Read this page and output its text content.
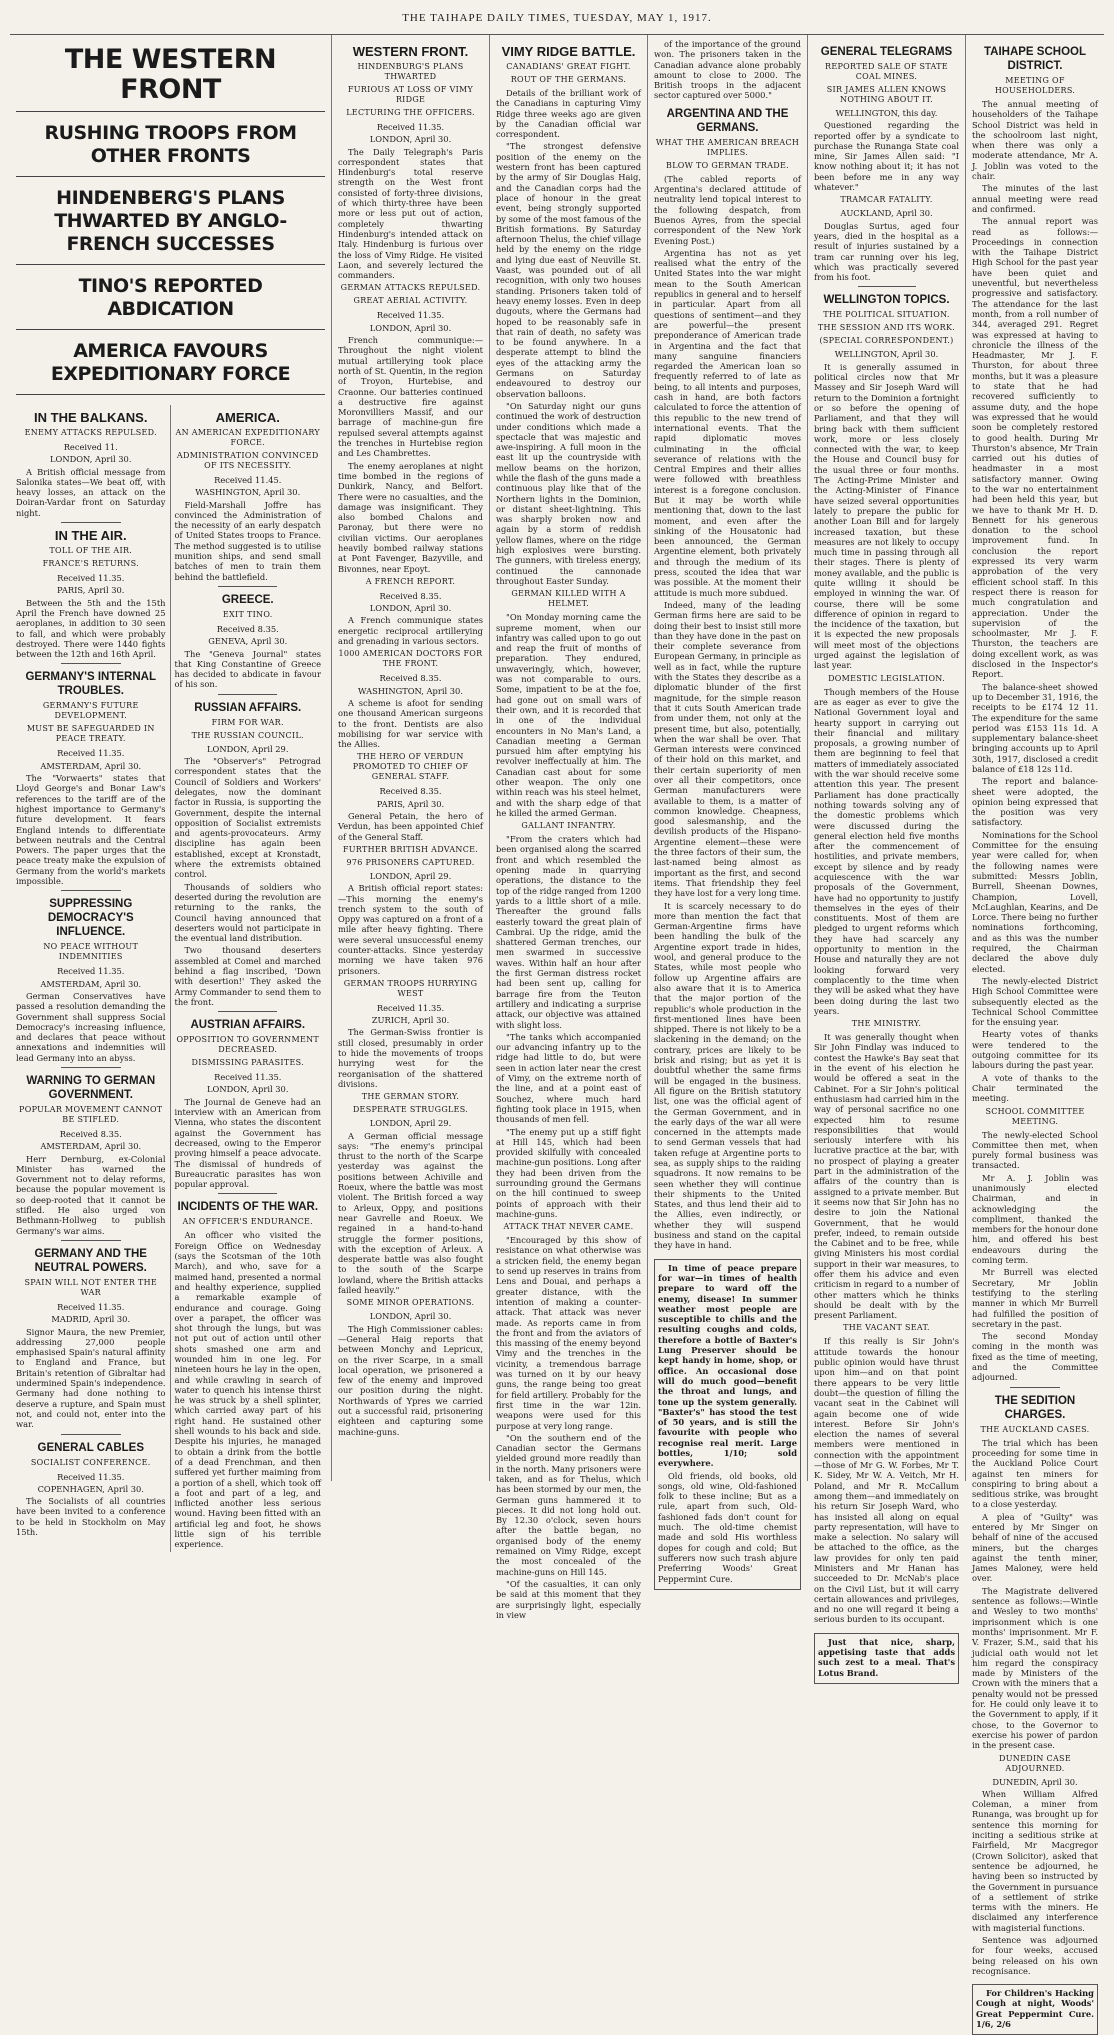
THE TAIHAPE DAILY TIMES, TUESDAY, MAY 1, 1917.
THE WESTERN FRONT
RUSHING TROOPS FROM OTHER FRONTS
HINDENBERG'S PLANS THWARTED BY ANGLO-FRENCH SUCCESSES
TINO'S REPORTED ABDICATION
AMERICA FAVOURS EXPEDITIONARY FORCE
IN THE BALKANS.
ENEMY ATTACKS REPULSED.
Received 11.
LONDON, April 30.

A British official message from Salonika states—We beat off, with heavy losses, an attack on the Doiran-Vardar front on Saturday night.

IN THE AIR.
TOLL OF THE AIR.
FRANCE'S RETURNS.
Received 11.35.
PARIS, April 30.

Between the 5th and the 15th April the French have downed 25 aeroplanes, in addition to 30 seen to fall, and which were probably destroyed. There were 1440 fights between the 12th and 16th April.

GERMANY'S INTERNAL TROUBLES.
GERMANY'S FUTURE DEVELOPMENT.
MUST BE SAFEGUARDED IN PEACE TREATY.
Received 11.35.
AMSTERDAM, April 30.

The "Vorwaerts" states that Lloyd George's and Bonar Law's references to the tariff are of the highest importance to Germany's future development. It fears England intends to differentiate between neutrals and the Central Powers. The paper urges that the peace treaty make the expulsion of Germany from the world's markets impossible.

SUPPRESSING DEMOCRACY'S INFLUENCE.
NO PEACE WITHOUT INDEMNITIES
Received 11.35.
AMSTERDAM, April 30.

German Conservatives have passed a resolution demanding the Government shall suppress Social Democracy's increasing influence, and declares that peace without annexations and indemnities will lead Germany into an abyss.

WARNING TO GERMAN GOVERNMENT.
POPULAR MOVEMENT CANNOT BE STIFLED.
Received 8.35.
AMSTERDAM, April 30.

Herr Dernburg, ex-Colonial Minister has warned the Government not to delay reforms, because the popular movement is so deep-rooted that it cannot be stifled. He also urged von Bethmann-Hollweg to publish Germany's war aims.

GERMANY AND THE NEUTRAL POWERS.
SPAIN WILL NOT ENTER THE WAR
Received 11.35.
MADRID, April 30.

Signor Maura, the new Premier, addressing 27,000 people emphasised Spain's natural affinity to England and France, but Britain's retention of Gibraltar had undermined Spain's independence. Germany had done nothing to deserve a rupture, and Spain must not, and could not, enter into the war.

GENERAL CABLES
SOCIALIST CONFERENCE.
Received 11.35.
COPENHAGEN, April 30.

The Socialists of all countries have been invited to a conference to be held in Stockholm on May 15th.

AMERICA.
AN AMERICAN EXPEDITIONARY FORCE.
ADMINISTRATION CONVINCED OF ITS NECESSITY.
Received 11.45.
WASHINGTON, April 30.

Field-Marshall Joffre has convinced the Administration of the necessity of an early despatch of United States troops to France. The method suggested is to utilise munition ships, and send small batches of men to train them behind the battlefield.

GREECE.
EXIT TINO.
Received 8.35.
GENEVA, April 30.

The "Geneva Journal" states that King Constantine of Greece has decided to abdicate in favour of his son.

RUSSIAN AFFAIRS.
FIRM FOR WAR.
THE RUSSIAN COUNCIL.
LONDON, April 29.

The "Observer's" Petrograd correspondent states that the Council of Soldiers and Workers' delegates, now the dominant factor in Russia, is supporting the Government, despite the internal opposition of Socialist extremists and agents-provocateurs. Army discipline has again been established, except at Kronstadt, where the extremists obtained control.

Thousands of soldiers who deserted during the revolution are returning to the ranks, the Council having announced that deserters would not participate in the eventual land distribution.

Two thousand deserters assembled at Comel and marched behind a flag inscribed, 'Down with desertion!' They asked the Army Commander to send them to the front.

AUSTRIAN AFFAIRS.
OPPOSITION TO GOVERNMENT DECREASED.
DISMISSING PARASITES.
Received 11.35.
LONDON, April 30.

The Journal de Geneve had an interview with an American from Vienna, who states the discontent against the Government has decreased, owing to the Emperor proving himself a peace advocate. The dismissal of hundreds of Bureaucratic parasites has won popular approval.

INCIDENTS OF THE WAR.
AN OFFICER'S ENDURANCE.

An officer who visited the Foreign Office on Wednesday (says the Scotsman of the 10th March), and who, save for a maimed hand, presented a normal and healthy experience, supplied a remarkable example of endurance and courage. Going over a parapet, the officer was shot through the lungs, but was not put out of action until other shots smashed one arm and wounded him in one leg. For nineteen hours he lay in the open, and while crawling in search of water to quench his intense thirst he was struck by a shell splinter, which carried away part of his right hand. He sustained other shell wounds to his back and side. Despite his injuries, he managed to obtain a drink from the bottle of a dead Frenchman, and then suffered yet further maiming from a portion of a shell, which took off a foot and part of a leg, and inflicted another less serious wound. Having been fitted with an artificial leg and foot, he shows little sign of his terrible experience.

WESTERN FRONT.
HINDENBURG'S PLANS THWARTED
FURIOUS AT LOSS OF VIMY RIDGE
LECTURING THE OFFICERS.
Received 11.35.
LONDON, April 30.

The Daily Telegraph's Paris correspondent states that Hindenburg's total reserve strength on the West front consisted of forty-three divisions, of which thirty-three have been more or less put out of action, completely thwarting Hindenburg's intended attack on Italy. Hindenburg is furious over the loss of Vimy Ridge. He visited Laon, and severely lectured the commanders.

GERMAN ATTACKS REPULSED.
GREAT AERIAL ACTIVITY.
Received 11.35.
LONDON, April 30.

French communique:—Throughout the night violent mutual artillerying took place north of St. Quentin, in the region of Troyon, Hurtebise, and Craonne. Our batteries continued a destructive fire against Moronvilliers Massif, and our barrage of machine-gun fire repulsed several attempts against the trenches in Hurtebise region and Les Chambrettes.

The enemy aeroplanes at night time bombed in the regions of Dunkirk, Nancy, and Belfort. There were no casualties, and the damage was insignificant. They also bombed Chalons and Paronay, but there were no civilian victims. Our aeroplanes heavily bombed railway stations at Pont Favenger, Bazyville, and Bivonnes, near Epoyt.

A FRENCH REPORT.
Received 8.35.
LONDON, April 30.

A French communique states energetic reciprocal artillerying and grenading in various sectors.

1000 AMERICAN DOCTORS FOR THE FRONT.
Received 8.35.
WASHINGTON, April 30.

A scheme is afoot for sending one thousand American surgeons to the front. Dentists are also mobilising for war service with the Allies.

THE HERO OF VERDUN PROMOTED TO CHIEF OF GENERAL STAFF.
Received 8.35.
PARIS, April 30.

General Petain, the hero of Verdun, has been appointed Chief of the General Staff.

FURTHER BRITISH ADVANCE.
976 PRISONERS CAPTURED.
LONDON, April 29.

A British official report states:—This morning the enemy's trench system to the south of Oppy was captured on a front of a mile after heavy fighting. There were several unsuccessful enemy counter-attacks. Since yesterday morning we have taken 976 prisoners.

GERMAN TROOPS HURRYING WEST
Received 11.35.
ZURICH, April 30.

The German-Swiss frontier is still closed, presumably in order to hide the movements of troops hurrying west for the reorganisation of the shattered divisions.

THE GERMAN STORY.
DESPERATE STRUGGLES.
LONDON, April 29.

A German official message says: "The enemy's principal thrust to the north of the Scarpe yesterday was against the positions between Achiville and Roeux, where the battle was most violent. The British forced a way to Arleux, Oppy, and positions near Gavrelle and Roeux. We regained in a hand-to-hand struggle the former positions, with the exception of Arleux. A desperate battle was also fought to the south of the Scarpe lowland, where the British attacks failed heavily."

SOME MINOR OPERATIONS.
LONDON, April 30.

The High Commissioner cables:—General Haig reports that between Monchy and Lepricux, on the river Scarpe, in a small local operation, we prisonered a few of the enemy and improved our position during the night. Northwards of Ypres we carried out a successful raid, prisonering eighteen and capturing some machine-guns.

VIMY RIDGE BATTLE.
CANADIANS' GREAT FIGHT.
ROUT OF THE GERMANS.

Details of the brilliant work of the Canadians in capturing Vimy Ridge three weeks ago are given by the Canadian official war correspondent.

"The strongest defensive position of the enemy on the western front has been captured by the army of Sir Douglas Haig, and the Canadian corps had the place of honour in the great event, being strongly supported by some of the most famous of the British formations. By Saturday afternoon Thelus, the chief village held by the enemy on the ridge and lying due east of Neuville St. Vaast, was pounded out of all recognition, with only two houses standing. Prisoners taken told of heavy enemy losses. Even in deep dugouts, where the Germans had hoped to be reasonably safe in that rain of death, no safety was to be found anywhere. In a desperate attempt to blind the eyes of the attacking army the Germans on Saturday endeavoured to destroy our observation balloons.

"On Saturday night our guns continued the work of destruction under conditions which made a spectacle that was majestic and awe-inspiring. A full moon in the east lit up the countryside with mellow beams on the horizon, while the flash of the guns made a continuous play like that of the Northern lights in the Dominion, or distant sheet-lightning. This was sharply broken now and again by a storm of reddish yellow flames, where on the ridge high explosives were bursting. The gunners, with tireless energy, continued the cannonade throughout Easter Sunday.

GERMAN KILLED WITH A HELMET.

"On Monday morning came the supreme moment, when our infantry was called upon to go out and reap the fruit of months of preparation. They endured, unwaveringly, which, however, was not comparable to ours. Some, impatient to be at the foe, had gone out on small wars of their own, and it is recorded that in one of the individual encounters in No Man's Land, a Canadian meeting a German pursued him after emptying his revolver ineffectually at him. The Canadian cast about for some other weapon. The only one within reach was his steel helmet, and with the sharp edge of that he killed the armed German.

GALLANT INFANTRY.

"From the craters which had been organised along the scarred front and which resembled the opening made in quarrying operations, the distance to the top of the ridge ranged from 1200 yards to a little short of a mile. Thereafter the ground falls easterly toward the great plain of Cambrai. Up the ridge, amid the shattered German trenches, our men swarmed in successive waves. Within half an hour after the first German distress rocket had been sent up, calling for barrage fire from the Teuton artillery and indicating a surprise attack, our objective was attained with slight loss.

"The tanks which accompanied our advancing infantry up to the ridge had little to do, but were seen in action later near the crest of Vimy, on the extreme north of the line, and at a point east of Souchez, where much hard fighting took place in 1915, when thousands of men fell.

"The enemy put up a stiff fight at Hill 145, which had been provided skilfully with concealed machine-gun positions. Long after they had been driven from the surrounding ground the Germans on the hill continued to sweep points of approach with their machine-guns.

ATTACK THAT NEVER CAME.

"Encouraged by this show of resistance on what otherwise was a stricken field, the enemy began to send up reserves in trains from Lens and Douai, and perhaps a greater distance, with the intention of making a counter-attack. That attack was never made. As reports came in from the front and from the aviators of this massing of the enemy beyond Vimy and the trenches in the vicinity, a tremendous barrage was turned on it by our heavy guns, the range being too great for field artillery. Probably for the first time in the war 12in. weapons were used for this purpose at very long range.

"On the southern end of the Canadian sector the Germans yielded ground more readily than in the north. Many prisoners were taken, and as for Thelus, which has been stormed by our men, the German guns hammered it to pieces. It did not long hold out. By 12.30 o'clock, seven hours after the battle began, no organised body of the enemy remained on Vimy Ridge, except the most concealed of the machine-guns on Hill 145.

"Of the casualties, it can only be said at this moment that they are surprisingly light, especially in view

of the importance of the ground won. The prisoners taken in the Canadian advance alone probably amount to close to 2000. The British troops in the adjacent sector captured over 5000."

ARGENTINA AND THE GERMANS.
WHAT THE AMERICAN BREACH IMPLIES.
BLOW TO GERMAN TRADE.

(The cabled reports of Argentina's declared attitude of neutrality lend topical interest to the following despatch, from Buenos Ayres, from the special correspondent of the New York Evening Post.)

Argentina has not as yet realised what the entry of the United States into the war might mean to the South American republics in general and to herself in particular. Apart from all questions of sentiment—and they are powerful—the present preponderance of American trade in Argentina and the fact that many sanguine financiers regarded the American loan so frequently referred to of late as being, to all intents and purposes, cash in hand, are both factors calculated to force the attention of this republic to the new trend of international events. That the rapid diplomatic moves culminating in the official severance of relations with the Central Empires and their allies were followed with breathless interest is a foregone conclusion. But it may be worth while mentioning that, down to the last moment, and even after the sinking of the Housatonic had been announced, the German Argentine element, both privately and through the medium of its press, scouted the idea that war was possible. At the moment their attitude is much more subdued.

Indeed, many of the leading German firms here are said to be doing their best to insist still more than they have done in the past on their complete severance from European Germany, in principle as well as in fact, while the rupture with the States they describe as a diplomatic blunder of the first magnitude, for the simple reason that it cuts South American trade from under them, not only at the present time, but also, potentially, when the war shall be over. That German interests were convinced of their hold on this market, and their certain superiority of men over all their competitors, once German manufacturers were available to them, is a matter of common knowledge. Cheapness, good salesmanship, and the devilish products of the Hispano-Argentine element—these were the three factors of their sum, the last-named being almost as important as the first, and second items. That friendship they feel they have lost for a very long time.

It is scarcely necessary to do more than mention the fact that German-Argentine firms have been handling the bulk of the Argentine export trade in hides, wool, and general produce to the States, while most people who follow up Argentine affairs are also aware that it is to America that the major portion of the republic's whole production in the first-mentioned lines have been shipped. There is not likely to be a slackening in the demand; on the contrary, prices are likely to be brisk and rising; but as yet it is doubtful whether the same firms will be engaged in the business. All figure on the British statutory list, one was the official agent of the German Government, and in the early days of the war all were concerned in the attempts made to send German vessels that had taken refuge at Argentine ports to sea, as supply ships to the raiding squadrons. It now remains to be seen whether they will continue their shipments to the United States, and thus lend their aid to the Allies, even indirectly, or whether they will suspend business and stand on the capital they have in hand.

In time of peace prepare for war—in times of health prepare to ward off the enemy, disease! In summer weather most people are susceptible to chills and the resulting coughs and colds, therefore a bottle of Baxter's Lung Preserver should be kept handy in home, shop, or office. An occasional dose will do much good—benefit the throat and lungs, and tone up the system generally. "Baxter's" has stood the test of 50 years, and is still the favourite with people who recognise real merit. Large bottles, 1/10; sold everywhere.

Old friends, old books, old songs, old wine, Old-fashioned folk to these incline; But as a rule, apart from such, Old-fashioned fads don't count for much. The old-time chemist made and sold His worthless dopes for cough and cold; But sufferers now such trash abjure Preferring Woods' Great Peppermint Cure.

GENERAL TELEGRAMS
REPORTED SALE OF STATE COAL MINES.
SIR JAMES ALLEN KNOWS NOTHING ABOUT IT.
WELLINGTON, this day.

Questioned regarding the reported offer by a syndicate to purchase the Runanga State coal mine, Sir James Allen said: "I know nothing about it; it has not been before me in any way whatever."

TRAMCAR FATALITY.
AUCKLAND, April 30.

Douglas Surtus, aged four years, died in the hospital as a result of injuries sustained by a tram car running over his leg, which was practically severed from his foot.

WELLINGTON TOPICS.
THE POLITICAL SITUATION.
THE SESSION AND ITS WORK.
(SPECIAL CORRESPONDENT.)
WELLINGTON, April 30.

It is generally assumed in political circles now that Mr Massey and Sir Joseph Ward will return to the Dominion a fortnight or so before the opening of Parliament, and that they will bring back with them sufficient work, more or less closely connected with the war, to keep the House and Council busy for the usual three or four months. The Acting-Prime Minister and the Acting-Minister of Finance have seized several opportunities lately to prepare the public for another Loan Bill and for largely increased taxation, but these measures are not likely to occupy much time in passing through all their stages. There is plenty of money available, and the public is quite willing it should be employed in winning the war. Of course, there will be some difference of opinion in regard to the incidence of the taxation, but it is expected the new proposals will meet most of the objections urged against the legislation of last year.

DOMESTIC LEGISLATION.

Though members of the House are as eager as ever to give the National Government loyal and hearty support in carrying out their financial and military proposals, a growing number of them are beginning to feel that matters of immediately associated with the war should receive some attention this year. The present Parliament has done practically nothing towards solving any of the domestic problems which were discussed during the general election held five months after the commencement of hostilities, and private members, except by silence and by ready acquiescence with the war proposals of the Government, have had no opportunity to justify themselves in the eyes of their constituents. Most of them are pledged to urgent reforms which they have had scarcely any opportunity to mention in the House and naturally they are not looking forward very complacently to the time when they will be asked what they have been doing during the last two years.

THE MINISTRY.

It was generally thought when Sir John Findlay was induced to contest the Hawke's Bay seat that in the event of his election he would be offered a seat in the Cabinet. For a Sir John's political enthusiasm had carried him in the way of personal sacrifice no one expected him to resume responsibilities that would seriously interfere with his lucrative practice at the bar, with no prospect of playing a greater part in the administration of the affairs of the country than is assigned to a private member. But it seems now that Sir John has no desire to join the National Government, that he would prefer, indeed, to remain outside the Cabinet and to be free, while giving Ministers his most cordial support in their war measures, to offer them his advice and even criticism in regard to a number of other matters which he thinks should be dealt with by the present Parliament.

THE VACANT SEAT.

If this really is Sir John's attitude towards the honour public opinion would have thrust upon him—and on that point there appears to be very little doubt—the question of filling the vacant seat in the Cabinet will again become one of wide interest. Before Sir John's election the names of several members were mentioned in connection with the appointment—those of Mr G. W. Forbes, Mr T. K. Sidey, Mr W. A. Veitch, Mr H. Poland, and Mr R. McCallum among them—and immediately on his return Sir Joseph Ward, who has insisted all along on equal party representation, will have to make a selection. No salary will be attached to the office, as the law provides for only ten paid Ministers and Mr Hanan has succeeded to Dr. McNab's place on the Civil List, but it will carry certain allowances and privileges, and no one will regard it being a serious burden to its occupant.

Just that nice, sharp, appetising taste that adds such zest to a meal. That's Lotus Brand.

TAIHAPE SCHOOL DISTRICT.
MEETING OF HOUSEHOLDERS.

The annual meeting of householders of the Taihape School District was held in the schoolroom last night, when there was only a moderate attendance, Mr A. J. Joblin was voted to the chair.

The minutes of the last annual meeting were read and confirmed.

The annual report was read as follows:—Proceedings in connection with the Taihape District High School for the past year have been quiet and uneventful, but nevertheless progressive and satisfactory. The attendance for the last month, from a roll number of 344, averaged 291. Regret was expressed at having to chronicle the illness of the Headmaster, Mr J. F. Thurston, for about three months, but it was a pleasure to state that he had recovered sufficiently to assume duty, and the hope was expressed that he would soon be completely restored to good health. During Mr Thurston's absence, Mr Train carried out his duties of headmaster in a most satisfactory manner. Owing to the war no entertainment had been held this year, but we have to thank Mr H. D. Bennett for his generous donation to the school improvement fund. In conclusion the report expressed its very warm approbation of the very efficient school staff. In this respect there is reason for much congratulation and appreciation. Under the supervision of the schoolmaster, Mr J. F. Thurston, the teachers are doing excellent work, as was disclosed in the Inspector's Report.

The balance-sheet showed up to December 31, 1916, the receipts to be £174 12 11. The expenditure for the same period was £153 11s 1d. A supplementary balance-sheet bringing accounts up to April 30th, 1917, disclosed a credit balance of £18 12s 11d.

The report and balance-sheet were adopted, the opinion being expressed that the position was very satisfactory.

Nominations for the School Committee for the ensuing year were called for, when the following names were submitted: Messrs Joblin, Burrell, Sheenan Downes, Champion, Lovell, McLaughlan, Kearins, and De Lorce. There being no further nominations forthcoming, and as this was the number required, the Chairman declared the above duly elected.

The newly-elected District High School Committee were subsequently elected as the Technical School Committee for the ensuing year.

Hearty votes of thanks were tendered to the outgoing committee for its labours during the past year.

A vote of thanks to the Chair terminated the meeting.

SCHOOL COMMITTEE MEETING.

The newly-elected School Committee then met, when purely formal business was transacted.

Mr A. J. Joblin was unanimously elected Chairman, and in acknowledging the compliment, thanked the members for the honour done him, and offered his best endeavours during the coming term.

Mr Burrell was elected Secretary, Mr Joblin testifying to the sterling manner in which Mr Burrell had fulfilled the position of secretary in the past.

The second Monday coming in the month was fixed as the time of meeting, and the Committee adjourned.

THE SEDITION CHARGES.
THE AUCKLAND CASES.

The trial which has been proceeding for some time in the Auckland Police Court against ten miners for conspiring to bring about a seditious strike, was brought to a close yesterday.

A plea of "Guilty" was entered by Mr Singer on behalf of nine of the accused miners, but the charges against the tenth miner, James Maloney, were held over.

The Magistrate delivered sentence as follows:—Wintle and Wesley to two months' imprisonment which is one months' imprisonment. Mr F. V. Frazer, S.M., said that his judicial oath would not let him regard the conspiracy made by Ministers of the Crown with the miners that a penalty would not be pressed for. He could only leave it to the Government to apply, if it chose, to the Governor to exercise his power of pardon in the present case.

DUNEDIN CASE ADJOURNED.
DUNEDIN, April 30.

When William Alfred Coleman, a miner from Runanga, was brought up for sentence this morning for inciting a seditious strike at Fairfield, Mr Macgregor (Crown Solicitor), asked that sentence be adjourned, he having been so instructed by the Government in pursuance of a settlement of strike terms with the miners. He disclaimed any interference with magisterial functions.

Sentence was adjourned for four weeks, accused being released on his own recognisance.

For Children's Hacking Cough at night, Woods' Great Peppermint Cure. 1/6, 2/6
